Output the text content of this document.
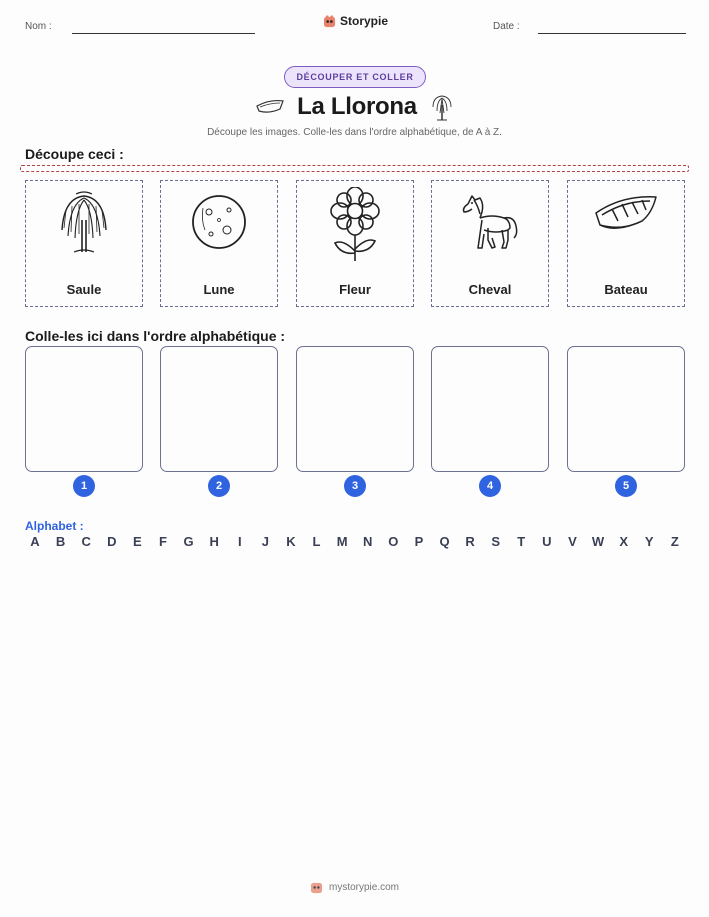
Nom :	Storypie	Date :
DÉCOUPER ET COLLER
La Llorona
Découpe les images. Colle-les dans l'ordre alphabétique, de A à Z.
Découpe ceci :
Saule	Lune	Fleur	Cheval	Bateau
Colle-les ici dans l'ordre alphabétique :
1	2	3	4	5
Alphabet :
A	B	C	D	E	F	G	H	I	J	K	L	M	N	O	P	Q	R	S	T	U	V	W	X	Y	Z
mystorypie.com
